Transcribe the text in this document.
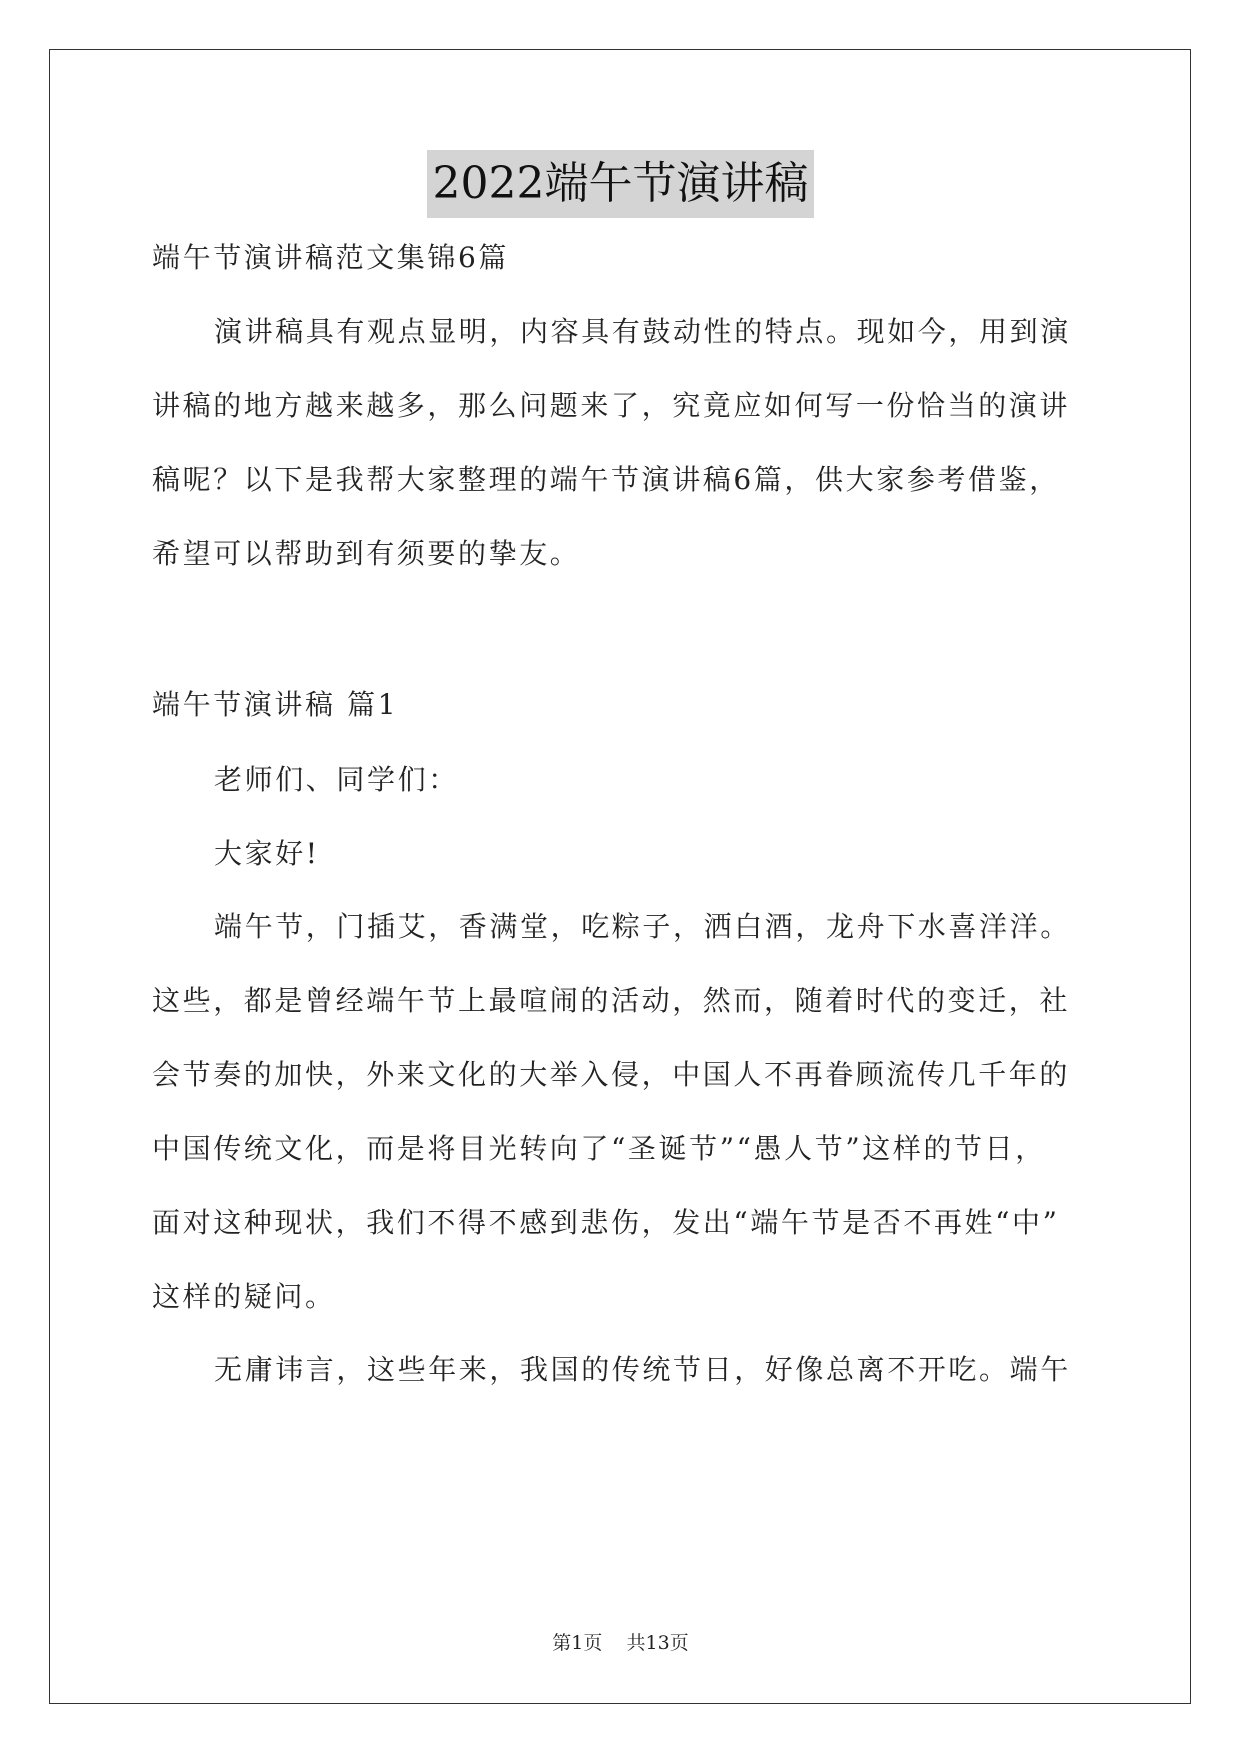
2022端午节演讲稿
端午节演讲稿范文集锦6篇
演讲稿具有观点显明，内容具有鼓动性的特点。现如今，用到演
讲稿的地方越来越多，那么问题来了，究竟应如何写一份恰当的演讲
稿呢？以下是我帮大家整理的端午节演讲稿6篇，供大家参考借鉴，
希望可以帮助到有须要的挚友。
端午节演讲稿 篇1
老师们、同学们：
大家好!
端午节，门插艾，香满堂，吃粽子，洒白酒，龙舟下水喜洋洋。
这些，都是曾经端午节上最喧闹的活动，然而，随着时代的变迁，社
会节奏的加快，外来文化的大举入侵，中国人不再眷顾流传几千年的
中国传统文化，而是将目光转向了“圣诞节”“愚人节”这样的节日，
面对这种现状，我们不得不感到悲伤，发出“端午节是否不再姓“中”
这样的疑问。
无庸讳言，这些年来，我国的传统节日，好像总离不开吃。端午
第1页 共13页
